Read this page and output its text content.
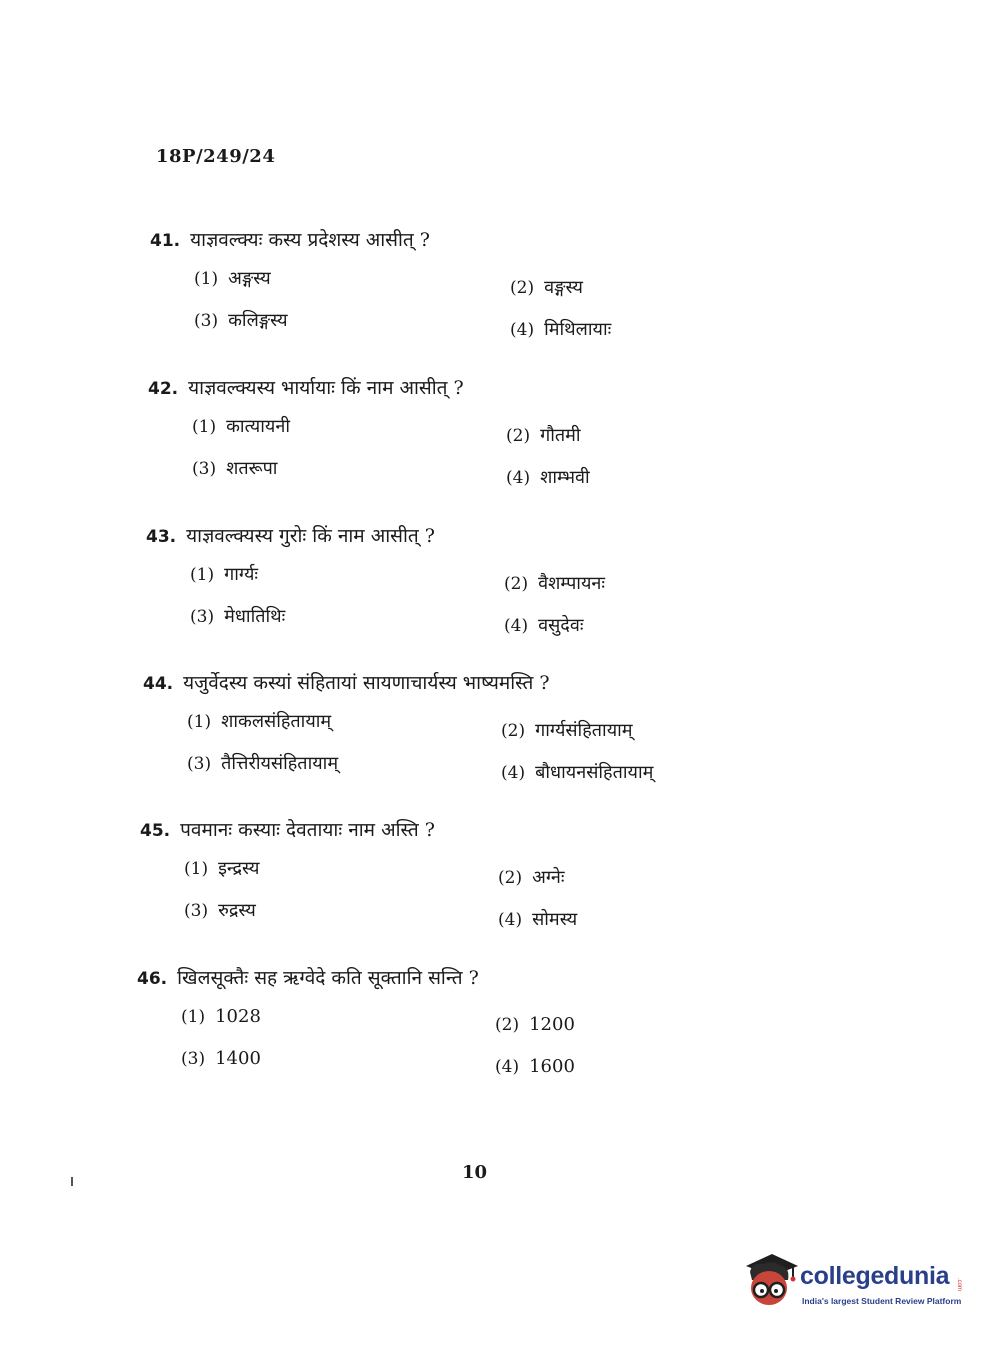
18P/249/24
41. याज्ञवल्क्यः कस्य प्रदेशस्य आसीत् ?
(1) अङ्गस्य	(2) वङ्गस्य
(3) कलिङ्गस्य	(4) मिथिलायाः
42. याज्ञवल्क्यस्य भार्यायाः किं नाम आसीत् ?
(1) कात्यायनी	(2) गौतमी
(3) शतरूपा	(4) शाम्भवी
43. याज्ञवल्क्यस्य गुरोः किं नाम आसीत् ?
(1) गार्ग्यः	(2) वैशम्पायनः
(3) मेधातिथिः	(4) वसुदेवः
44. यजुर्वेदस्य कस्यां संहितायां सायणाचार्यस्य भाष्यमस्ति ?
(1) शाकलसंहितायाम्	(2) गार्ग्यसंहितायाम्
(3) तैत्तिरीयसंहितायाम्	(4) बौधायनसंहितायाम्
45. पवमानः कस्याः देवतायाः नाम अस्ति ?
(1) इन्द्रस्य	(2) अग्नेः
(3) रुद्रस्य	(4) सोमस्य
46. खिलसूक्तैः सह ऋग्वेदे कति सूक्तानि सन्ति ?
(1) 1028	(2) 1200
(3) 1400	(4) 1600
10
collegedunia .com
India's largest Student Review Platform
